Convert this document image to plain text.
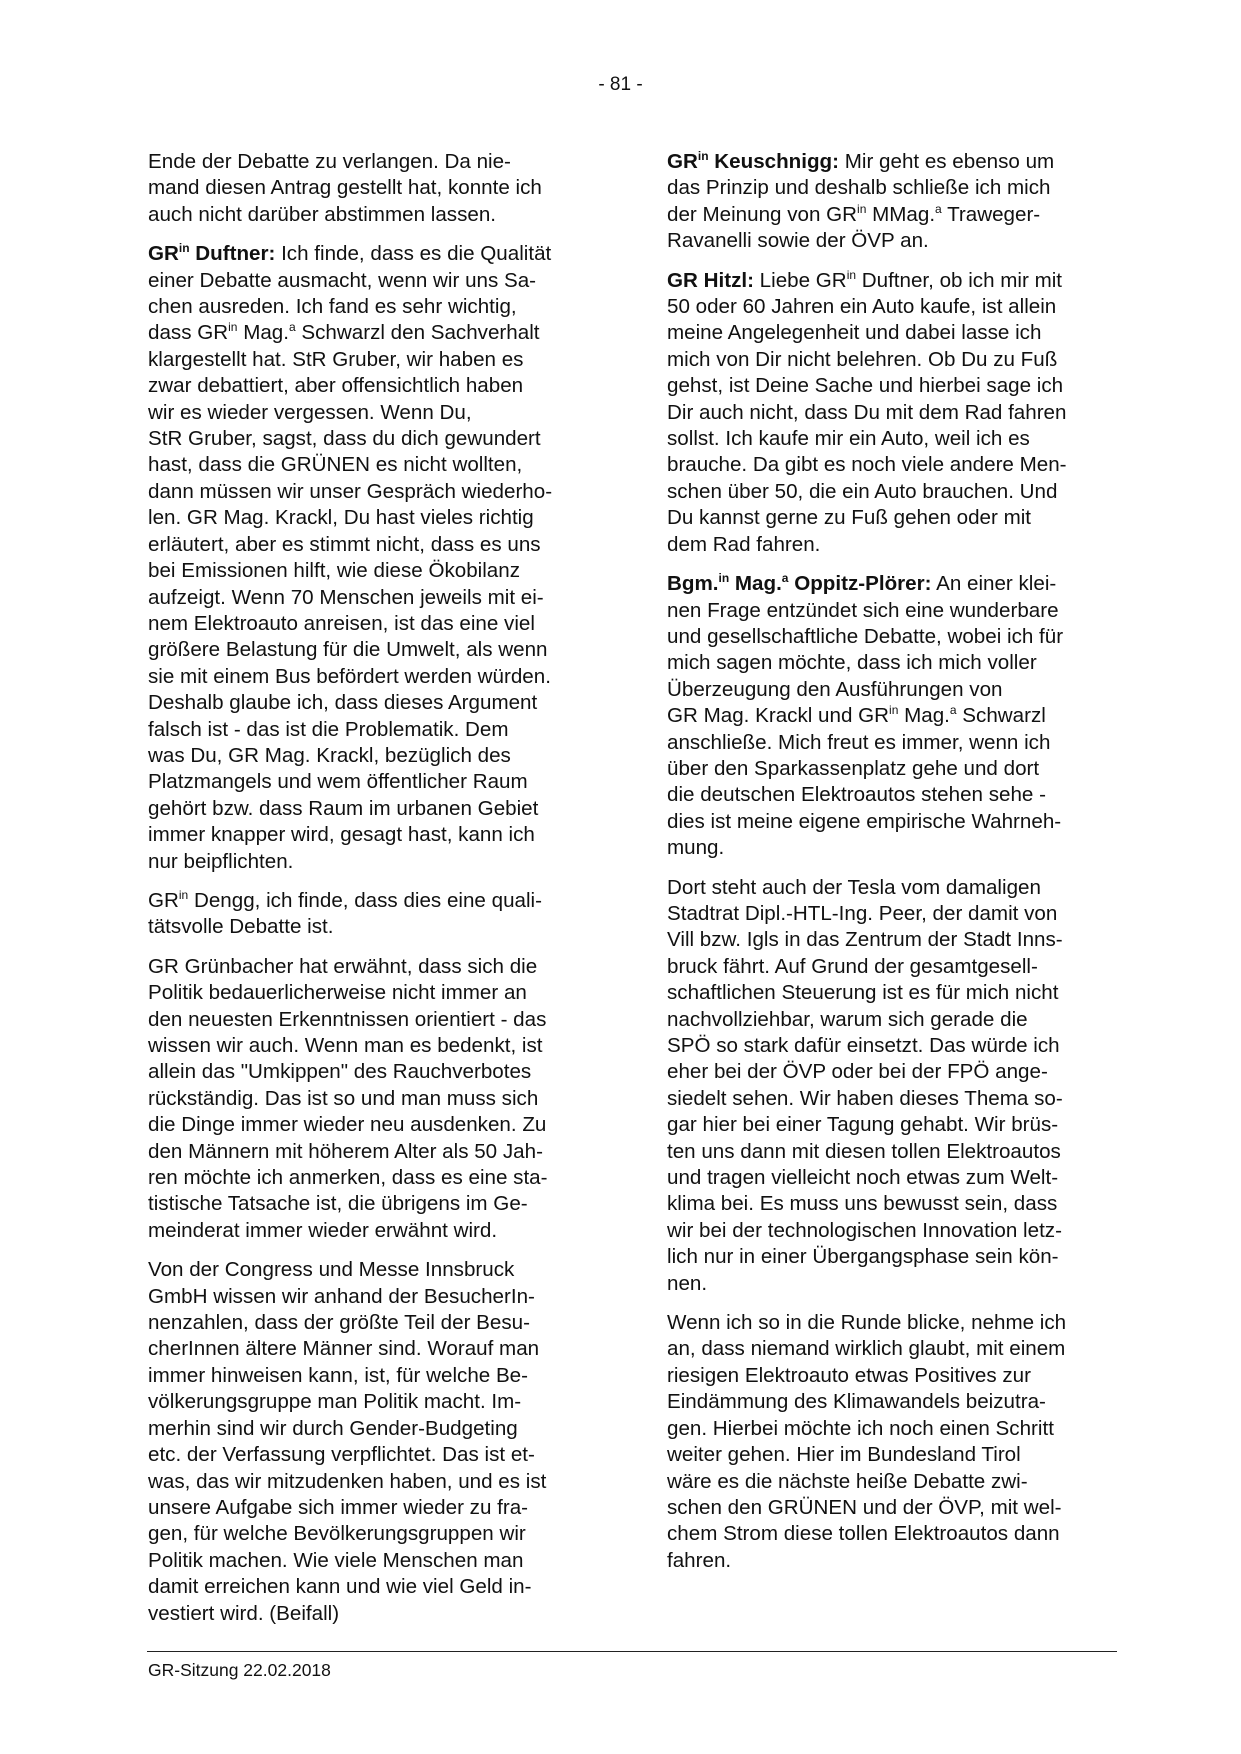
- 81 -

Ende der Debatte zu verlangen. Da nie-
mand diesen Antrag gestellt hat, konnte ich
auch nicht darüber abstimmen lassen.

$GR^{in}$ Duftner: Ich finde, dass es die Qualität
einer Debatte ausmacht, wenn wir uns Sa-
chen ausreden. Ich fand es sehr wichtig,
dass $GR^{in}$ Mag.$^a$ Schwarzl den Sachverhalt
klargestellt hat. StR Gruber, wir haben es
zwar debattiert, aber offensichtlich haben
wir es wieder vergessen. Wenn Du,
StR Gruber, sagst, dass du dich gewundert
hast, dass die GRÜNEN es nicht wollten,
dann müssen wir unser Gespräch wiederho-
len. GR Mag. Krackl, Du hast vieles richtig
erläutert, aber es stimmt nicht, dass es uns
bei Emissionen hilft, wie diese Ökobilanz
aufzeigt. Wenn 70 Menschen jeweils mit ei-
nem Elektroauto anreisen, ist das eine viel
größere Belastung für die Umwelt, als wenn
sie mit einem Bus befördert werden würden.
Deshalb glaube ich, dass dieses Argument
falsch ist - das ist die Problematik. Dem
was Du, GR Mag. Krackl, bezüglich des
Platzmangels und wem öffentlicher Raum
gehört bzw. dass Raum im urbanen Gebiet
immer knapper wird, gesagt hast, kann ich
nur beipflichten.

$GR^{in}$ Dengg, ich finde, dass dies eine quali-
tätsvolle Debatte ist.

GR Grünbacher hat erwähnt, dass sich die
Politik bedauerlicherweise nicht immer an
den neuesten Erkenntnissen orientiert - das
wissen wir auch. Wenn man es bedenkt, ist
allein das "Umkippen" des Rauchverbotes
rückständig. Das ist so und man muss sich
die Dinge immer wieder neu ausdenken. Zu
den Männern mit höherem Alter als 50 Jah-
ren möchte ich anmerken, dass es eine sta-
tistische Tatsache ist, die übrigens im Ge-
meinderat immer wieder erwähnt wird.

Von der Congress und Messe Innsbruck
GmbH wissen wir anhand der BesucherIn-
nenzahlen, dass der größte Teil der Besu-
cherInnen ältere Männer sind. Worauf man
immer hinweisen kann, ist, für welche Be-
völkerungsgruppe man Politik macht. Im-
merhin sind wir durch Gender-Budgeting
etc. der Verfassung verpflichtet. Das ist et-
was, das wir mitzudenken haben, und es ist
unsere Aufgabe sich immer wieder zu fra-
gen, für welche Bevölkerungsgruppen wir
Politik machen. Wie viele Menschen man
damit erreichen kann und wie viel Geld in-
vestiert wird. (Beifall)

$GR^{in}$ Keuschnigg: Mir geht es ebenso um
das Prinzip und deshalb schließe ich mich
der Meinung von $GR^{in}$ MMag.$^a$ Traweger-
Ravanelli sowie der ÖVP an.

GR Hitzl: Liebe $GR^{in}$ Duftner, ob ich mir mit
50 oder 60 Jahren ein Auto kaufe, ist allein
meine Angelegenheit und dabei lasse ich
mich von Dir nicht belehren. Ob Du zu Fuß
gehst, ist Deine Sache und hierbei sage ich
Dir auch nicht, dass Du mit dem Rad fahren
sollst. Ich kaufe mir ein Auto, weil ich es
brauche. Da gibt es noch viele andere Men-
schen über 50, die ein Auto brauchen. Und
Du kannst gerne zu Fuß gehen oder mit
dem Rad fahren.

Bgm.$^{in}$ Mag.$^a$ Oppitz-Plörer: An einer klei-
nen Frage entzündet sich eine wunderbare
und gesellschaftliche Debatte, wobei ich für
mich sagen möchte, dass ich mich voller
Überzeugung den Ausführungen von
GR Mag. Krackl und $GR^{in}$ Mag.$^a$ Schwarzl
anschließe. Mich freut es immer, wenn ich
über den Sparkassenplatz gehe und dort
die deutschen Elektroautos stehen sehe -
dies ist meine eigene empirische Wahrneh-
mung.

Dort steht auch der Tesla vom damaligen
Stadtrat Dipl.-HTL-Ing. Peer, der damit von
Vill bzw. Igls in das Zentrum der Stadt Inns-
bruck fährt. Auf Grund der gesamtgesell-
schaftlichen Steuerung ist es für mich nicht
nachvollziehbar, warum sich gerade die
SPÖ so stark dafür einsetzt. Das würde ich
eher bei der ÖVP oder bei der FPÖ ange-
siedelt sehen. Wir haben dieses Thema so-
gar hier bei einer Tagung gehabt. Wir brüs-
ten uns dann mit diesen tollen Elektroautos
und tragen vielleicht noch etwas zum Welt-
klima bei. Es muss uns bewusst sein, dass
wir bei der technologischen Innovation letz-
lich nur in einer Übergangsphase sein kön-
nen.

Wenn ich so in die Runde blicke, nehme ich
an, dass niemand wirklich glaubt, mit einem
riesigen Elektroauto etwas Positives zur
Eindämmung des Klimawandels beizutra-
gen. Hierbei möchte ich noch einen Schritt
weiter gehen. Hier im Bundesland Tirol
wäre es die nächste heiße Debatte zwi-
schen den GRÜNEN und der ÖVP, mit wel-
chem Strom diese tollen Elektroautos dann
fahren.

GR-Sitzung 22.02.2018
